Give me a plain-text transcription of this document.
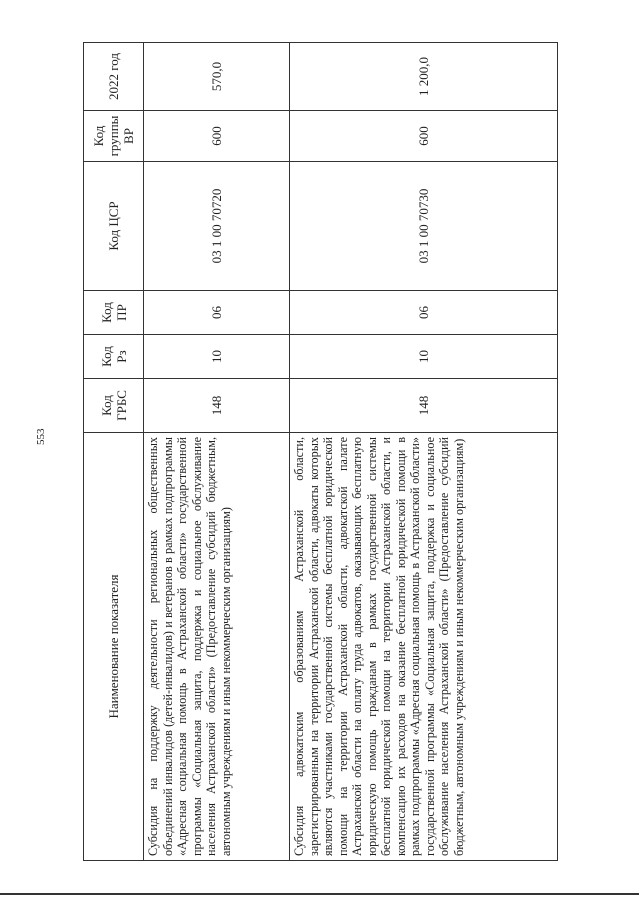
553
Наименование показателя	Код ГРБС	Код Рз	Код ПР	Код ЦСР	Код группы ВР	2022 год
Субсидия на поддержку деятельности региональных общественных объединений инвалидов (детей-инвалидов) и ветеранов в рамках подпрограммы «Адресная социальная помощь в Астраханской области» государственной программы «Социальная защита, поддержка и социальное обслуживание населения Астраханской области» (Предоставление субсидий бюджетным, автономным учреждениям и иным некоммерческим организациям)	148	10	06	03 1 00 70720	600	570,0
Субсидия адвокатским образованиям Астраханской области, зарегистрированным на территории Астраханской области, адвокаты которых являются участниками государственной системы бесплатной юридической помощи на территории Астраханской области, адвокатской палате Астраханской области на оплату труда адвокатов, оказывающих бесплатную юридическую помощь гражданам в рамках государственной системы бесплатной юридической помощи на территории Астраханской области, и компенсацию их расходов на оказание бесплатной юридической помощи в рамках подпрограммы «Адресная социальная помощь в Астраханской области» государственной программы «Социальная защита, поддержка и социальное обслуживание населения Астраханской области» (Предоставление субсидий бюджетным, автономным учреждениям и иным некоммерческим организациям)	148	10	06	03 1 00 70730	600	1 200,0
